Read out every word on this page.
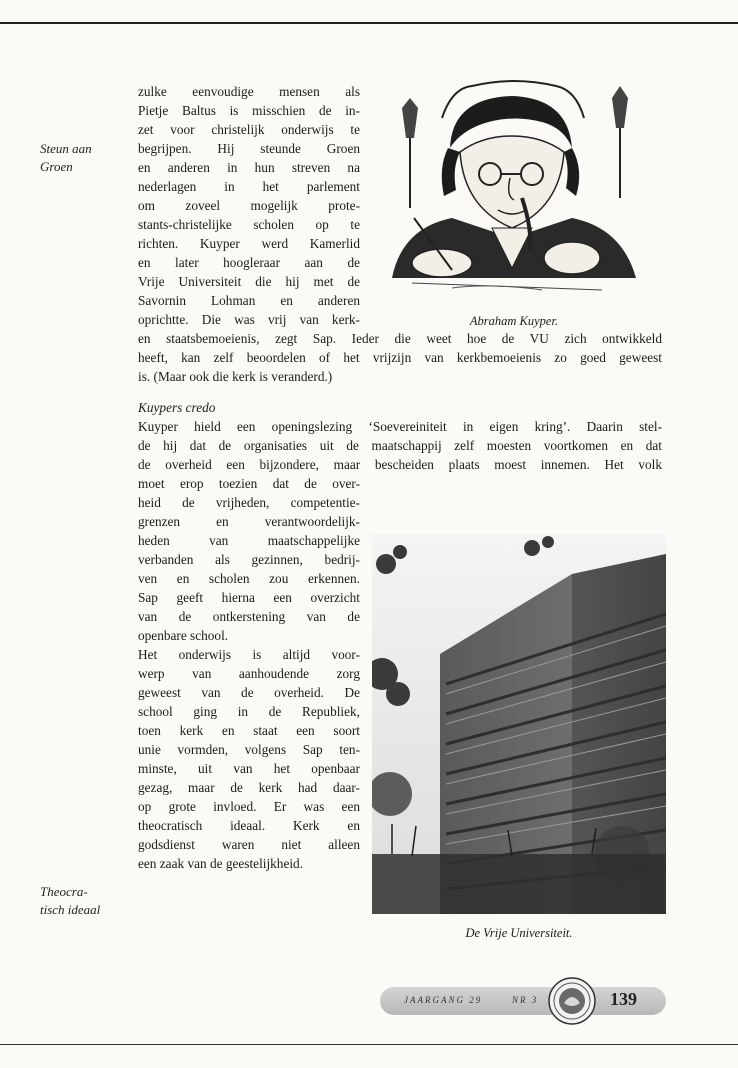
Steun aan
Groen
Theocra-
tisch ideaal
zulke eenvoudige mensen als
Pietje Baltus is misschien de in-
zet voor christelijk onderwijs te
begrijpen. Hij steunde Groen
en anderen in hun streven na
nederlagen in het parlement
om zoveel mogelijk prote-
stants-christelijke scholen op te
richten. Kuyper werd Kamerlid
en later hoogleraar aan de
Vrije Universiteit die hij met de
Savornin Lohman en anderen
oprichtte. Die was vrij van kerk-
en staatsbemoeienis, zegt Sap. Ieder die weet hoe de VU zich ontwikkeld
heeft, kan zelf beoordelen of het vrijzijn van kerkbemoeienis zo goed geweest
is. (Maar ook die kerk is veranderd.)
Abraham Kuyper.
Kuypers credo
Kuyper hield een openingslezing ‘Soevereiniteit in eigen kring’. Daarin stel-
de hij dat de organisaties uit de maatschappij zelf moesten voortkomen en dat
de overheid een bijzondere, maar bescheiden plaats moest innemen. Het volk
moet erop toezien dat de over-
heid de vrijheden, competentie-
grenzen en verantwoordelijk-
heden van maatschappelijke
verbanden als gezinnen, bedrij-
ven en scholen zou erkennen.
Sap geeft hierna een overzicht
van de ontkerstening van de
openbare school.
Het onderwijs is altijd voor-
werp van aanhoudende zorg
geweest van de overheid. De
school ging in de Republiek,
toen kerk en staat een soort
unie vormden, volgens Sap ten-
minste, uit van het openbaar
gezag, maar de kerk had daar-
op grote invloed. Er was een
theocratisch ideaal. Kerk en
godsdienst waren niet alleen
een zaak van de geestelijkheid.
De Vrije Universiteit.
JAARGANG 29	NR 3	139
